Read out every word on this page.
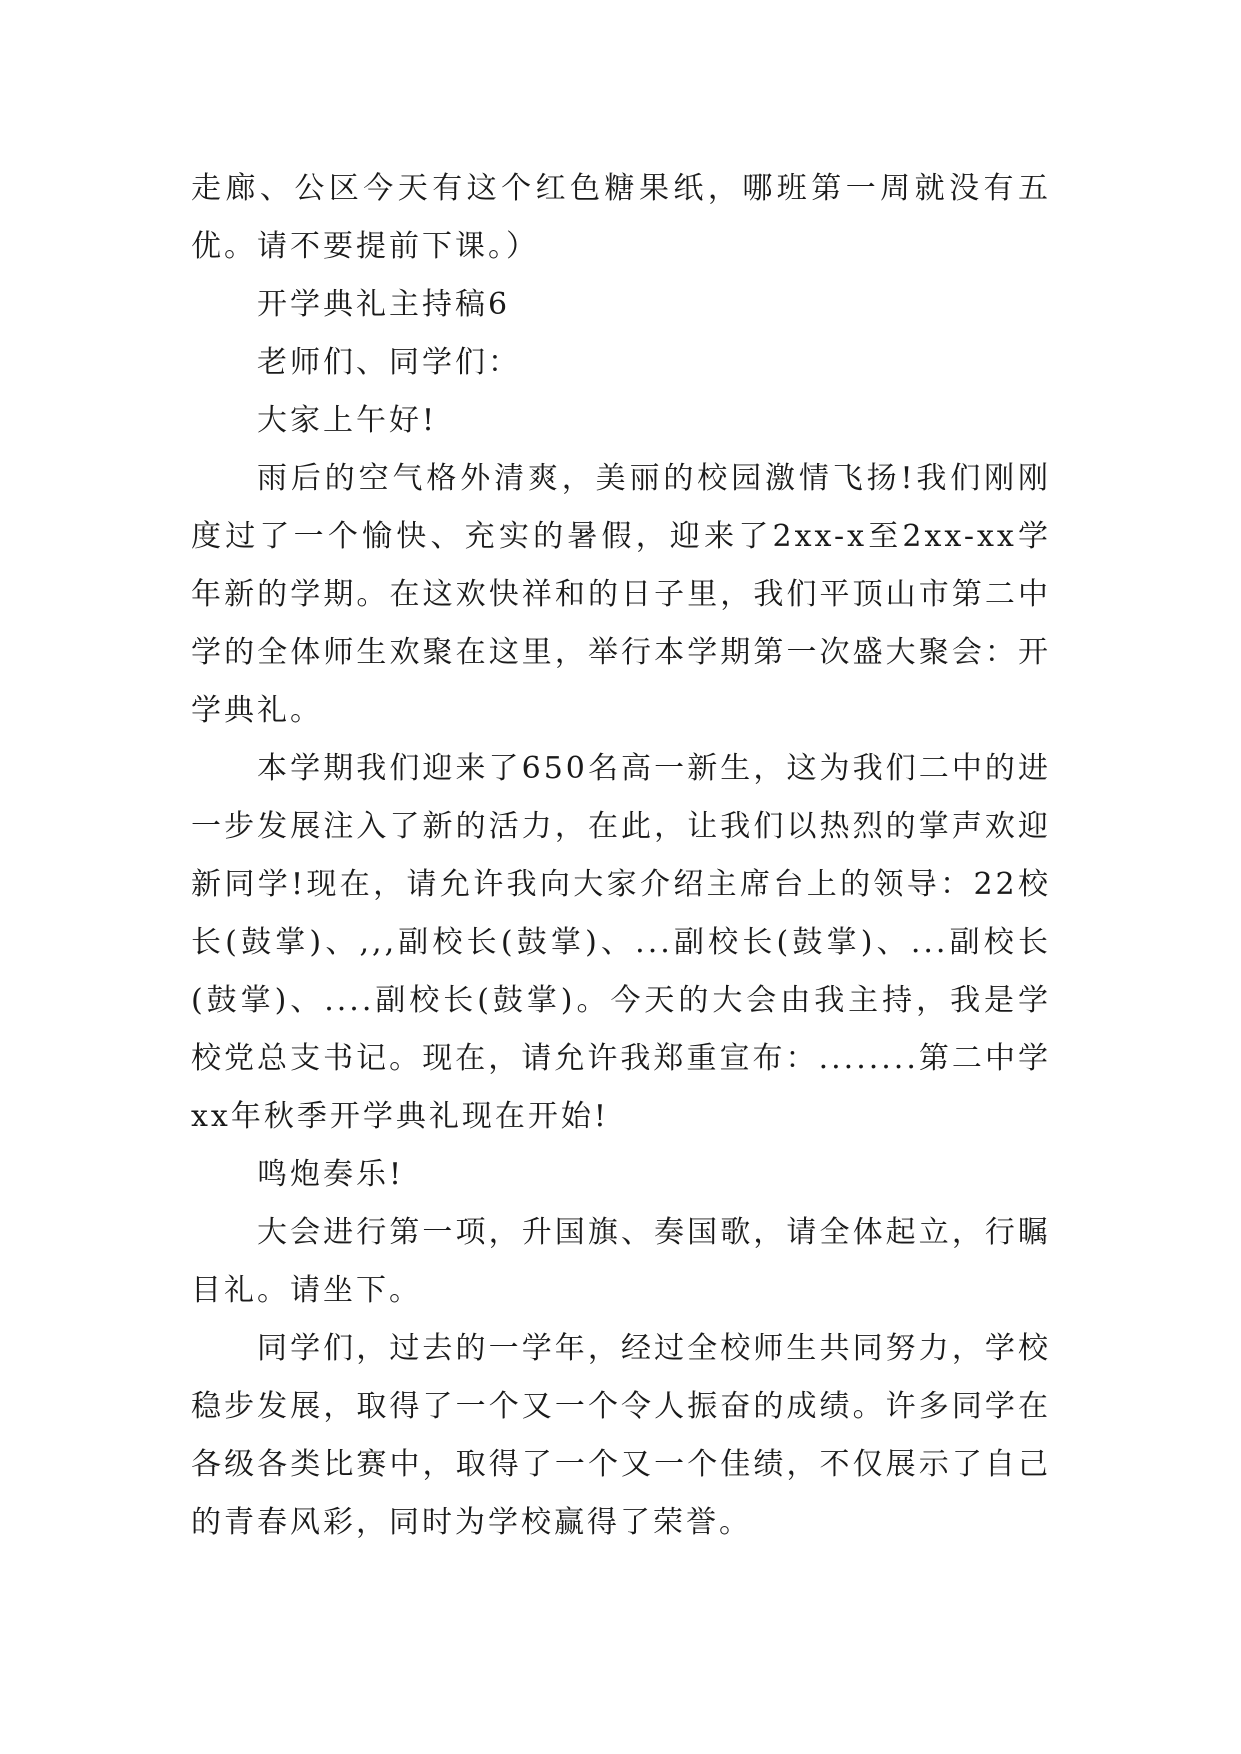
走廊、公区今天有这个红色糖果纸，哪班第一周就没有五优。请不要提前下课。）

开学典礼主持稿6

老师们、同学们：

大家上午好!

雨后的空气格外清爽，美丽的校园激情飞扬!我们刚刚度过了一个愉快、充实的暑假，迎来了2xx-x至2xx-xx学年新的学期。在这欢快祥和的日子里，我们平顶山市第二中学的全体师生欢聚在这里，举行本学期第一次盛大聚会：开学典礼。

本学期我们迎来了650名高一新生，这为我们二中的进一步发展注入了新的活力，在此，让我们以热烈的掌声欢迎新同学!现在，请允许我向大家介绍主席台上的领导：22校长(鼓掌)、,,,副校长(鼓掌)、...副校长(鼓掌)、...副校长(鼓掌)、....副校长(鼓掌)。今天的大会由我主持，我是学校党总支书记。现在，请允许我郑重宣布：........第二中学xx年秋季开学典礼现在开始!

鸣炮奏乐!

大会进行第一项，升国旗、奏国歌，请全体起立，行瞩目礼。请坐下。

同学们，过去的一学年，经过全校师生共同努力，学校稳步发展，取得了一个又一个令人振奋的成绩。许多同学在各级各类比赛中，取得了一个又一个佳绩，不仅展示了自己的青春风彩，同时为学校赢得了荣誉。
